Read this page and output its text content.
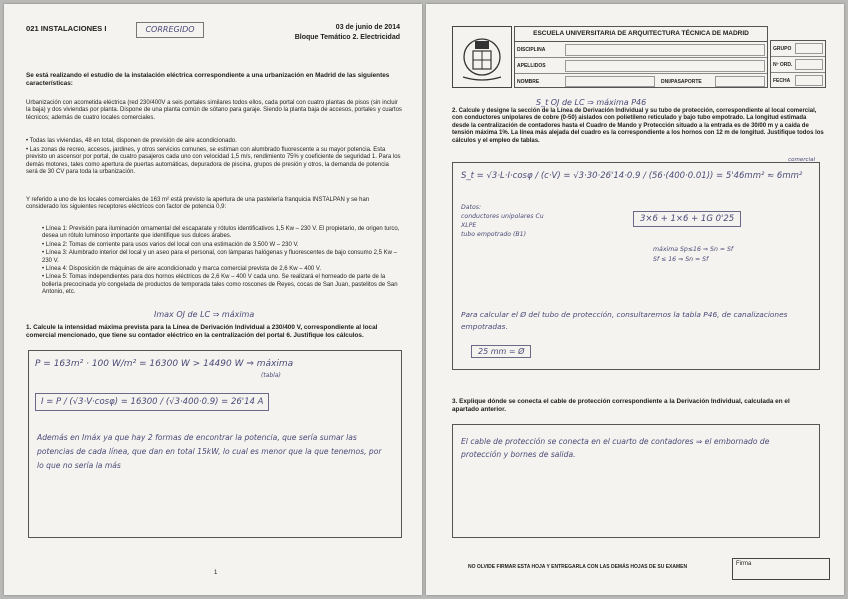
021 INSTALACIONES I	CORREGIDO	03 de junio de 2014
Bloque Temático 2. Electricidad
Se está realizando el estudio de la instalación eléctrica correspondiente a una urbanización en Madrid de las siguientes características:
Urbanización con acometida eléctrica (red 230/400V a seis portales similares todos ellos, cada portal con cuatro plantas de pisos (sin incluir la baja) y dos viviendas por planta. Dispone de una planta común de sótano para garaje. Siendo la planta baja de accesos, portales y cuartos técnicos; además de cuatro locales comerciales.
• Todas las viviendas, 48 en total, disponen de previsión de aire acondicionado.
• Las zonas de recreo, accesos, jardines, y otros servicios comunes, se estiman con alumbrado fluorescente a su mayor potencia. Esta previsto un ascensor por portal, de cuatro pasajeros cada uno con velocidad 1,5 m/s, rendimiento 75% y coeficiente de seguridad 1. Para los demás motores, tales como apertura de puertas automáticas, depuradora de piscina, grupos de presión y otros, la demanda de potencia será de 30 CV para toda la urbanización.
Y referido a uno de los locales comerciales de 163 m² está previsto la apertura de una pastelería franquicia INSTALPAN y se han considerado los siguientes receptores eléctricos con factor de potencia 0,9:
• Línea 1: Previsión para iluminación ornamental del escaparate y rótulos identificativos 1,5 Kw – 230 V. El propietario, de origen turco, desea un rótulo luminoso importante que identifique sus dulces árabes.
• Línea 2: Tomas de corriente para usos varios del local con una estimación de 3.500 W – 230 V.
• Línea 3: Alumbrado interior del local y un aseo para el personal, con lámparas halógenas y fluorescentes de bajo consumo 2,5 Kw – 230 V.
• Línea 4: Disposición de máquinas de aire acondicionado y marca comercial prevista de 2,6 Kw – 400 V.
• Línea 5: Tomas independientes para dos hornos eléctricos de 2,6 Kw – 400 V cada uno. Se realizará el horneado de parte de la bollería precocinada y/o congelada de productos de temporada tales como roscones de Reyes, cocas de San Juan, pastelitos de San Antonio, etc.
Imax OJ de LC ⇒ máxima
1. Calcule la intensidad máxima prevista para la Línea de Derivación Individual a 230/400 V, correspondiente al local comercial mencionado, que tiene su contador eléctrico en la centralización del portal 6. Justifique los cálculos.
P = 163m² · 100 W/m² = 16300 W > 14490 W ⇒ máxima
(tabla)
I = P / (√3·V·cosφ) = 16300 / (√3·400·0.9) = 26'14 A
Además en Imáx ya que hay 2 formas de encontrar la potencia, que sería sumar las potencias de cada línea, que dan en total 15kW, lo cual es menor que la que tenemos, por lo que no sería la más
1
ESCUELA UNIVERSITARIA DE ARQUITECTURA TÉCNICA DE MADRID
DISCIPLINA
APELLIDOS
NOMBRE	DNI/PASAPORTE
GRUPO
Nº ORD.
FECHA
S_t OJ de LC ⇒ máxima P46
2. Calcule y designe la sección de la Línea de Derivación Individual y su tubo de protección, correspondiente al local comercial, con conductores unipolares de cobre (0-50) aislados con polietileno reticulado y bajo tubo empotrado. La longitud estimada desde la centralización de contadores hasta el Cuadro de Mando y Protección situado a la entrada es de 30/00 m y a caída de tensión máxima 1%. La línea más alejada del cuadro es la correspondiente a los hornos con 12 m de longitud. Justifique todos los cálculos y el empleo de tablas.
S_t = √3·L·I·cosφ / (c·V) = √3·30·26'14·0.9 / (56·(400·0.01)) = 5'46mm² ≈ 6mm²
comercial
Datos:
conductores unipolares Cu
XLPE
tubo empotrado (B1)
3×6 + 1×6 + 1G 0'25
máxima Sp≤16 ⇒ Sn = Sf
Sf ≤ 16 ⇒ Sn = Sf
Para calcular el Ø del tubo de protección, consultaremos la tabla P46, de canalizaciones empotradas.
25 mm = Ø
3. Explique dónde se conecta el cable de protección correspondiente a la Derivación Individual, calculada en el apartado anterior.
El cable de protección se conecta en el cuarto de contadores ⇒ el embornado de protección y bornes de salida.
NO OLVIDE FIRMAR ESTA HOJA Y ENTREGARLA CON LAS DEMÁS HOJAS DE SU EXAMEN	Firma
